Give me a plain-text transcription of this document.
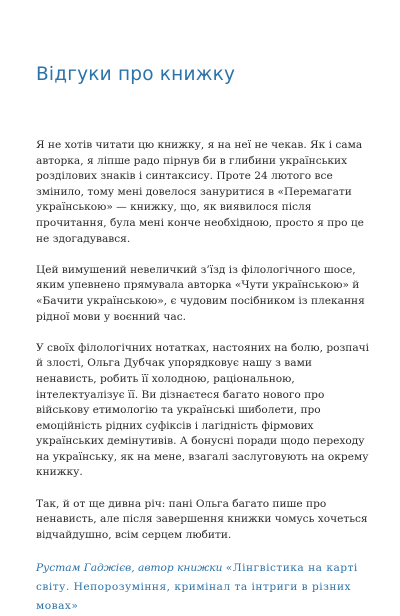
Відгуки про книжку

Я не хотів читати цю книжку, я на неї не чекав. Як і сама авторка, я ліпше радо пірнув би в глибини українських розділових знаків і синтаксису. Проте 24 лютого все змінило, тому мені довелося зануритися в «Перемагати українською» — книжку, що, як виявилося після прочитання, була мені конче необхідною, просто я про це не здогадувався.

Цей вимушений невеличкий з’їзд із філологічного шосе, яким упевнено прямувала авторка «Чути українською» й «Бачити українською», є чудовим посібником із плекання рідної мови у воєнний час.

У своїх філологічних нотатках, настояних на болю, розпачі й злості, Ольга Дубчак упорядковує нашу з вами ненависть, робить її холодною, раціональною, інтелектуалізує її. Ви дізнаєтеся багато нового про військову етимологію та українські шиболети, про емоційність рідних суфіксів і лагідність фірмових українських демінутивів. А бонусні поради щодо переходу на українську, як на мене, взагалі заслуговують на окрему книжку.

Так, й от ще дивна річ: пані Ольга багато пише про ненависть, але після завершення книжки чомусь хочеться відчайдушно, всім серцем любити.

Рустам Гаджієв, автор книжки «Лінгвістика на карті світу. Непорозуміння, кримінал та інтриги в різних мовах»
